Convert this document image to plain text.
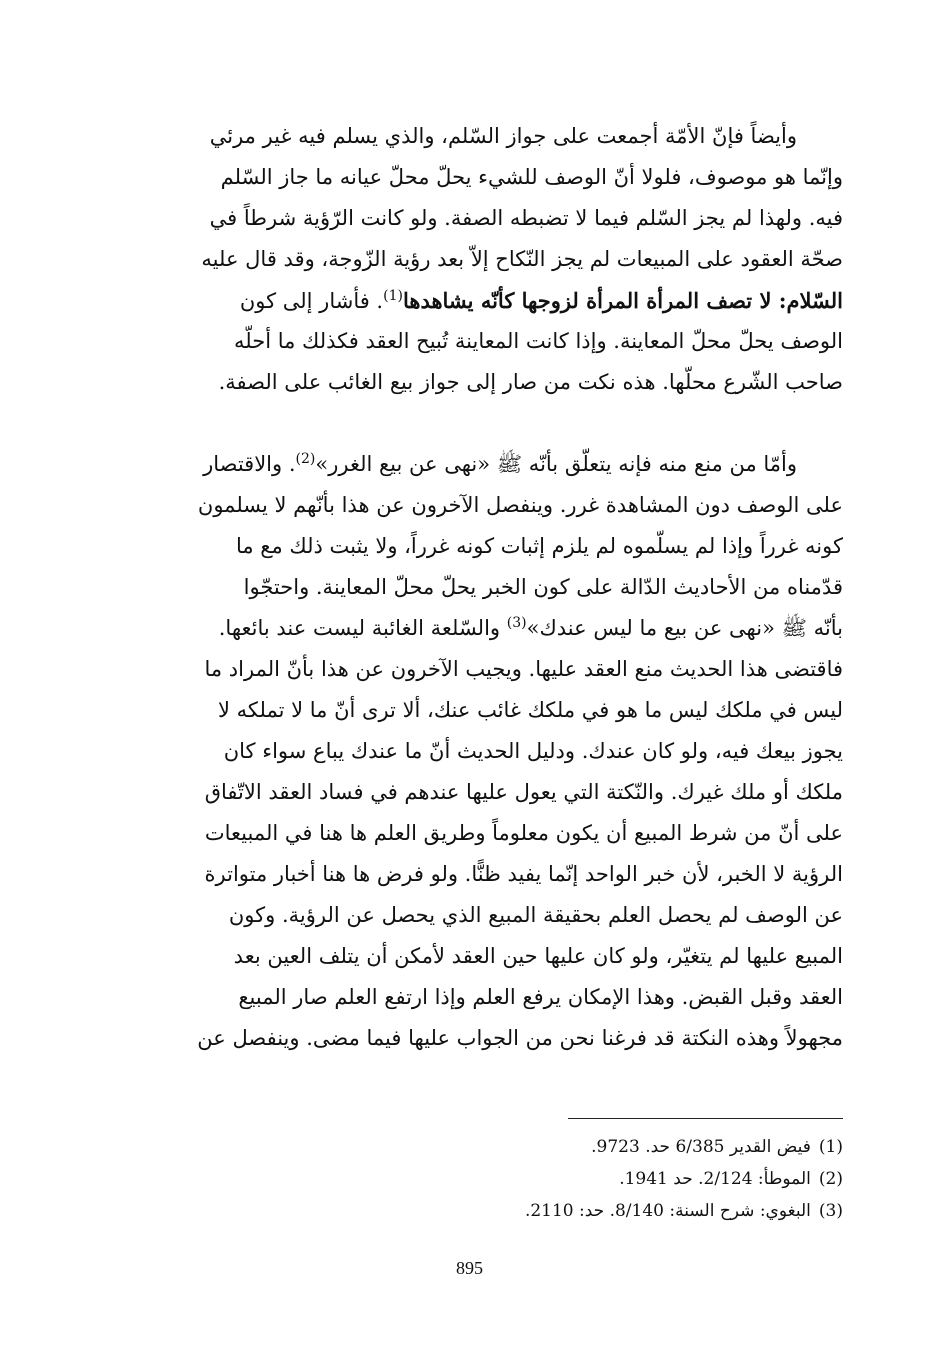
وأيضاً فإنّ الأمّة أجمعت على جواز السّلم، والذي يسلم فيه غير مرئي
وإنّما هو موصوف، فلولا أنّ الوصف للشيء يحلّ محلّ عيانه ما جاز السّلم
فيه. ولهذا لم يجز السّلم فيما لا تضبطه الصفة. ولو كانت الرّؤية شرطاً في
صحّة العقود على المبيعات لم يجز النّكاح إلاّ بعد رؤية الزّوجة، وقد قال عليه
السّلام: لا تصف المرأة المرأة لزوجها كأنّه يشاهدها$^{(1)}$. فأشار إلى كون
الوصف يحلّ محلّ المعاينة. وإذا كانت المعاينة تُبيح العقد فكذلك ما أحلّه
صاحب الشّرع محلّها. هذه نكت من صار إلى جواز بيع الغائب على الصفة.
وأمّا من منع منه فإنه يتعلّق بأنّه ﷺ «نهى عن بيع الغرر»$^{(2)}$. والاقتصار
على الوصف دون المشاهدة غرر. وينفصل الآخرون عن هذا بأنّهم لا يسلمون
كونه غرراً وإذا لم يسلّموه لم يلزم إثبات كونه غرراً، ولا يثبت ذلك مع ما
قدّمناه من الأحاديث الدّالة على كون الخبر يحلّ محلّ المعاينة. واحتجّوا
بأنّه ﷺ «نهى عن بيع ما ليس عندك»$^{(3)}$ والسّلعة الغائبة ليست عند بائعها.
فاقتضى هذا الحديث منع العقد عليها. ويجيب الآخرون عن هذا بأنّ المراد ما
ليس في ملكك ليس ما هو في ملكك غائب عنك، ألا ترى أنّ ما لا تملكه لا
يجوز بيعك فيه، ولو كان عندك. ودليل الحديث أنّ ما عندك يباع سواء كان
ملكك أو ملك غيرك. والنّكتة التي يعول عليها عندهم في فساد العقد الاتّفاق
على أنّ من شرط المبيع أن يكون معلوماً وطريق العلم ها هنا في المبيعات
الرؤية لا الخبر، لأن خبر الواحد إنّما يفيد ظنًّا. ولو فرض ها هنا أخبار متواترة
عن الوصف لم يحصل العلم بحقيقة المبيع الذي يحصل عن الرؤية. وكون
المبيع عليها لم يتغيّر، ولو كان عليها حين العقد لأمكن أن يتلف العين بعد
العقد وقبل القبض. وهذا الإمكان يرفع العلم وإذا ارتفع العلم صار المبيع
مجهولاً وهذه النكتة قد فرغنا نحن من الجواب عليها فيما مضى. وينفصل عن
(1)فيض القدير 6/385 حد. 9723.
(2)الموطأ: 2/124. حد 1941.
(3)البغوي: شرح السنة: 8/140. حد: 2110.
895
